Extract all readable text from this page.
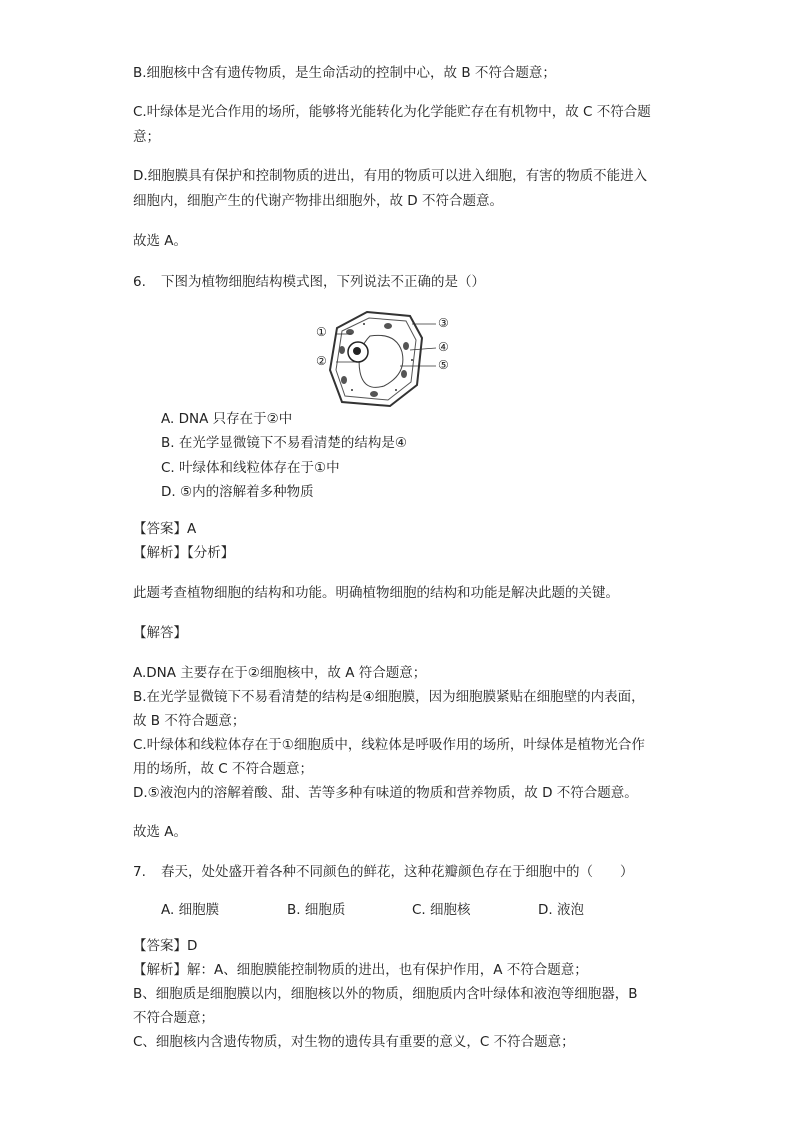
B.细胞核中含有遗传物质，是生命活动的控制中心，故 B 不符合题意；
C.叶绿体是光合作用的场所，能够将光能转化为化学能贮存在有机物中，故 C 不符合题
意；
D.细胞膜具有保护和控制物质的进出，有用的物质可以进入细胞，有害的物质不能进入
细胞内，细胞产生的代谢产物排出细胞外，故 D 不符合题意。
故选 A。
6. 下图为植物细胞结构模式图，下列说法不正确的是（）
①
②
③
④
⑤
A. DNA 只存在于②中
B. 在光学显微镜下不易看清楚的结构是④
C. 叶绿体和线粒体存在于①中
D. ⑤内的溶解着多种物质
【答案】A
【解析】【分析】
此题考查植物细胞的结构和功能。明确植物细胞的结构和功能是解决此题的关键。
【解答】
A.DNA 主要存在于②细胞核中，故 A 符合题意；
B.在光学显微镜下不易看清楚的结构是④细胞膜，因为细胞膜紧贴在细胞壁的内表面，
故 B 不符合题意；
C.叶绿体和线粒体存在于①细胞质中，线粒体是呼吸作用的场所，叶绿体是植物光合作
用的场所，故 C 不符合题意；
D.⑤液泡内的溶解着酸、甜、苦等多种有味道的物质和营养物质，故 D 不符合题意。
故选 A。
7. 春天，处处盛开着各种不同颜色的鲜花，这种花瓣颜色存在于细胞中的（　　）
A. 细胞膜	B. 细胞质	C. 细胞核	D. 液泡
【答案】D
【解析】解：A、细胞膜能控制物质的进出，也有保护作用，A 不符合题意；
B、细胞质是细胞膜以内，细胞核以外的物质，细胞质内含叶绿体和液泡等细胞器，B
不符合题意；
C、细胞核内含遗传物质，对生物的遗传具有重要的意义，C 不符合题意；
